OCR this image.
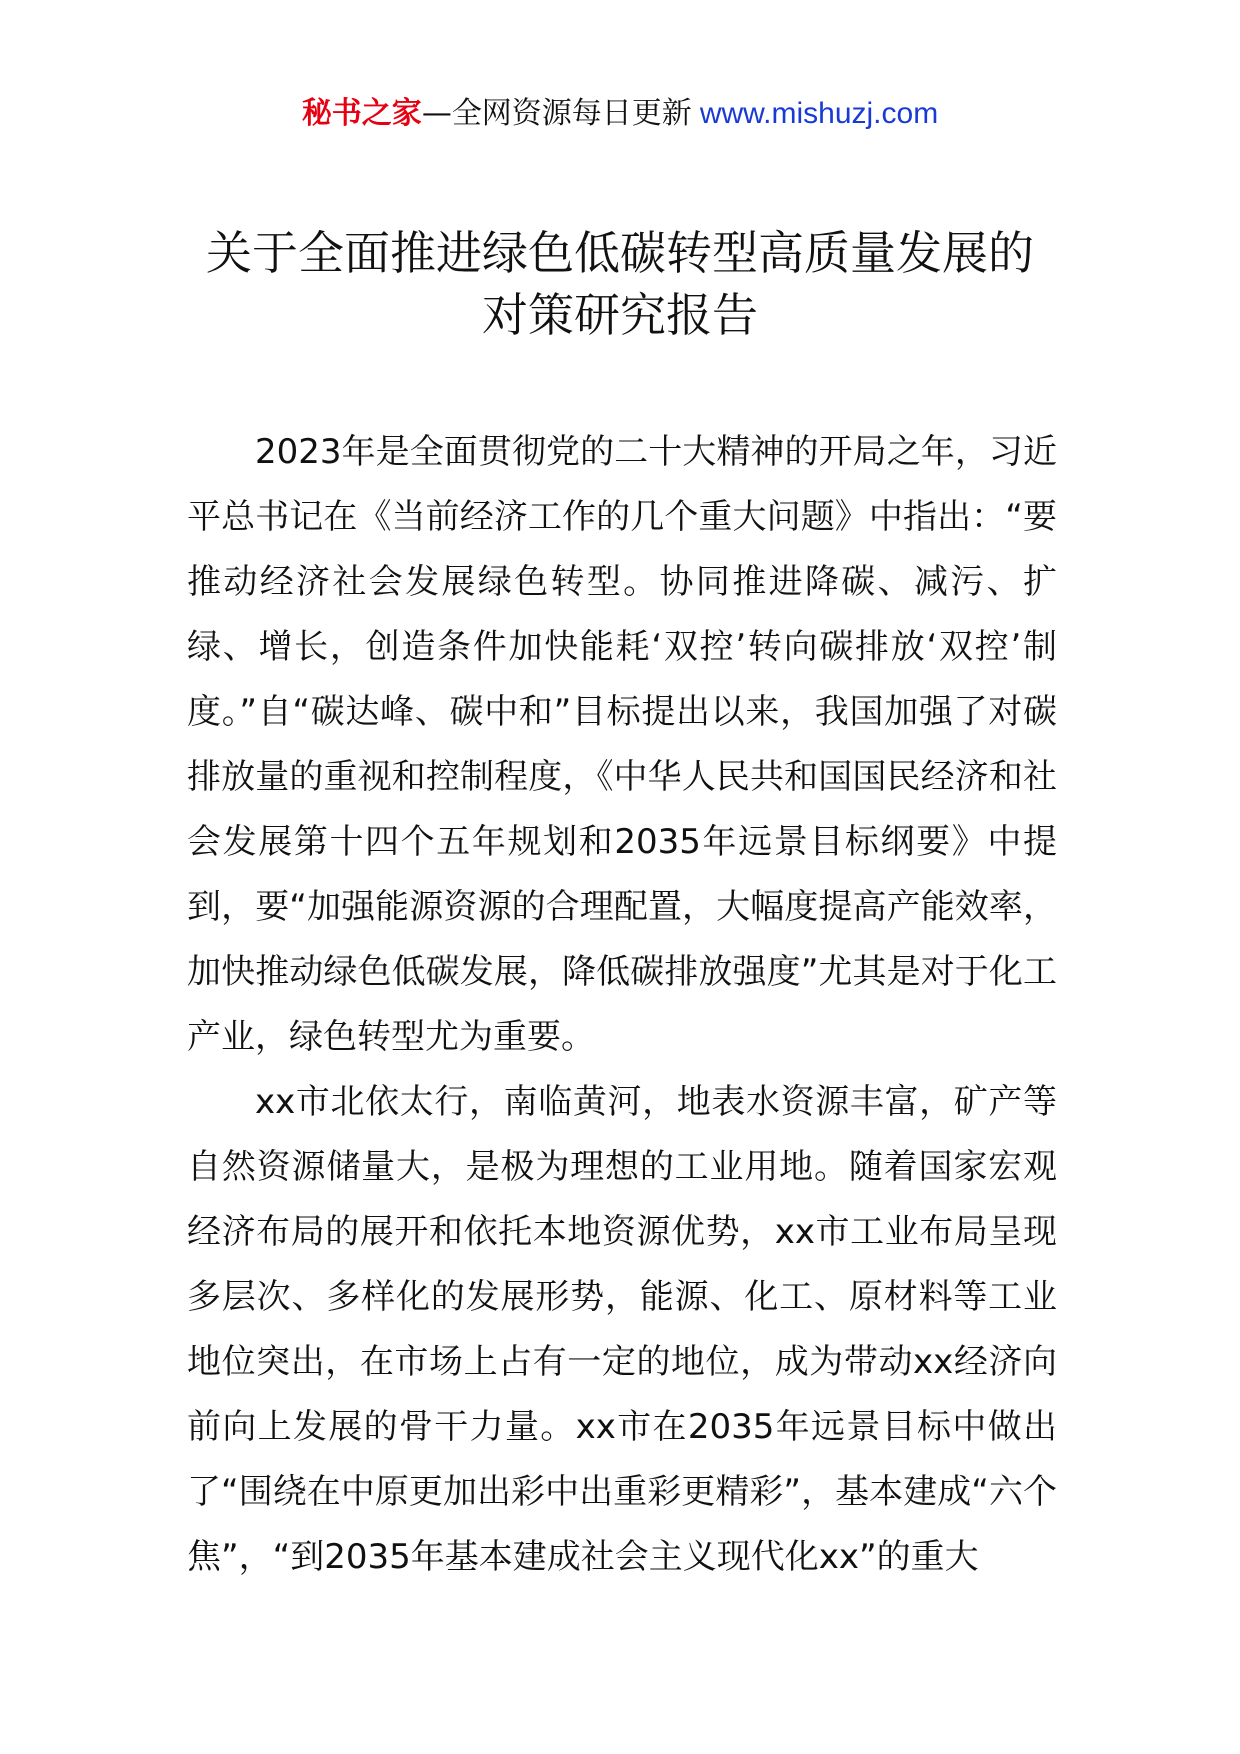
秘书之家—全网资源每日更新 www.mishuzj.com
关于全面推进绿色低碳转型高质量发展的
对策研究报告

2023年是全面贯彻党的二十大精神的开局之年，习近平总书记在《当前经济工作的几个重大问题》中指出：“要推动经济社会发展绿色转型。协同推进降碳、减污、扩绿、增长，创造条件加快能耗‘双控’转向碳排放‘双控’制度。”自“碳达峰、碳中和”目标提出以来，我国加强了对碳排放量的重视和控制程度，《中华人民共和国国民经济和社会发展第十四个五年规划和2035年远景目标纲要》中提到，要“加强能源资源的合理配置，大幅度提高产能效率，加快推动绿色低碳发展，降低碳排放强度”尤其是对于化工产业，绿色转型尤为重要。

xx市北依太行，南临黄河，地表水资源丰富，矿产等自然资源储量大，是极为理想的工业用地。随着国家宏观经济布局的展开和依托本地资源优势，xx市工业布局呈现多层次、多样化的发展形势，能源、化工、原材料等工业地位突出，在市场上占有一定的地位，成为带动xx经济向前向上发展的骨干力量。xx市在2035年远景目标中做出了“围绕在中原更加出彩中出重彩更精彩”，基本建成“六个焦”，“到2035年基本建成社会主义现代化xx”的重大
